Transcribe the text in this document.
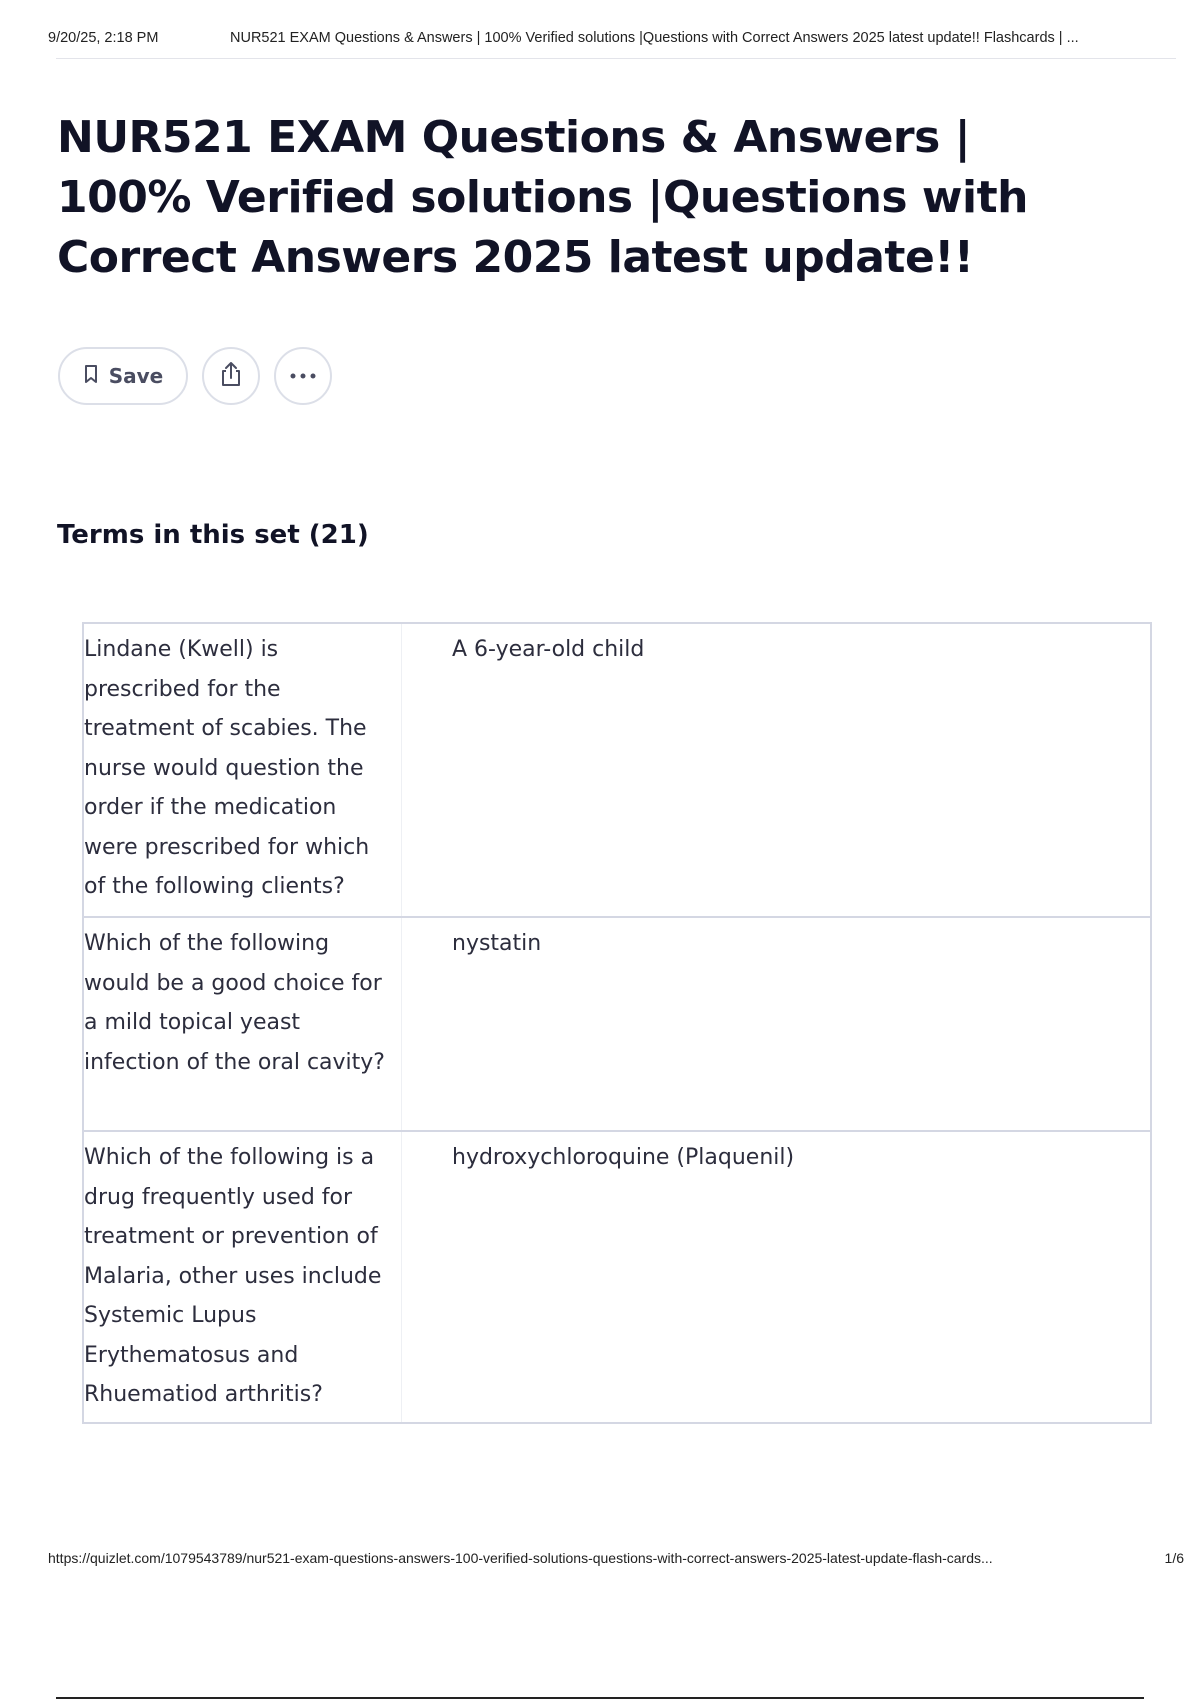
9/20/25, 2:18 PM	NUR521 EXAM Questions & Answers | 100% Verified solutions |Questions with Correct Answers 2025 latest update!! Flashcards | ...
NUR521 EXAM Questions & Answers | 100% Verified solutions |Questions with Correct Answers 2025 latest update!!
Save
Terms in this set (21)
Lindane (Kwell) is prescribed for the treatment of scabies. The nurse would question the order if the medication were prescribed for which of the following clients?
A 6-year-old child
Which of the following would be a good choice for a mild topical yeast infection of the oral cavity?
nystatin
Which of the following is a drug frequently used for treatment or prevention of Malaria, other uses include Systemic Lupus Erythematosus and Rhuematiod arthritis?
hydroxychloroquine (Plaquenil)
https://quizlet.com/1079543789/nur521-exam-questions-answers-100-verified-solutions-questions-with-correct-answers-2025-latest-update-flash-cards...	1/6
